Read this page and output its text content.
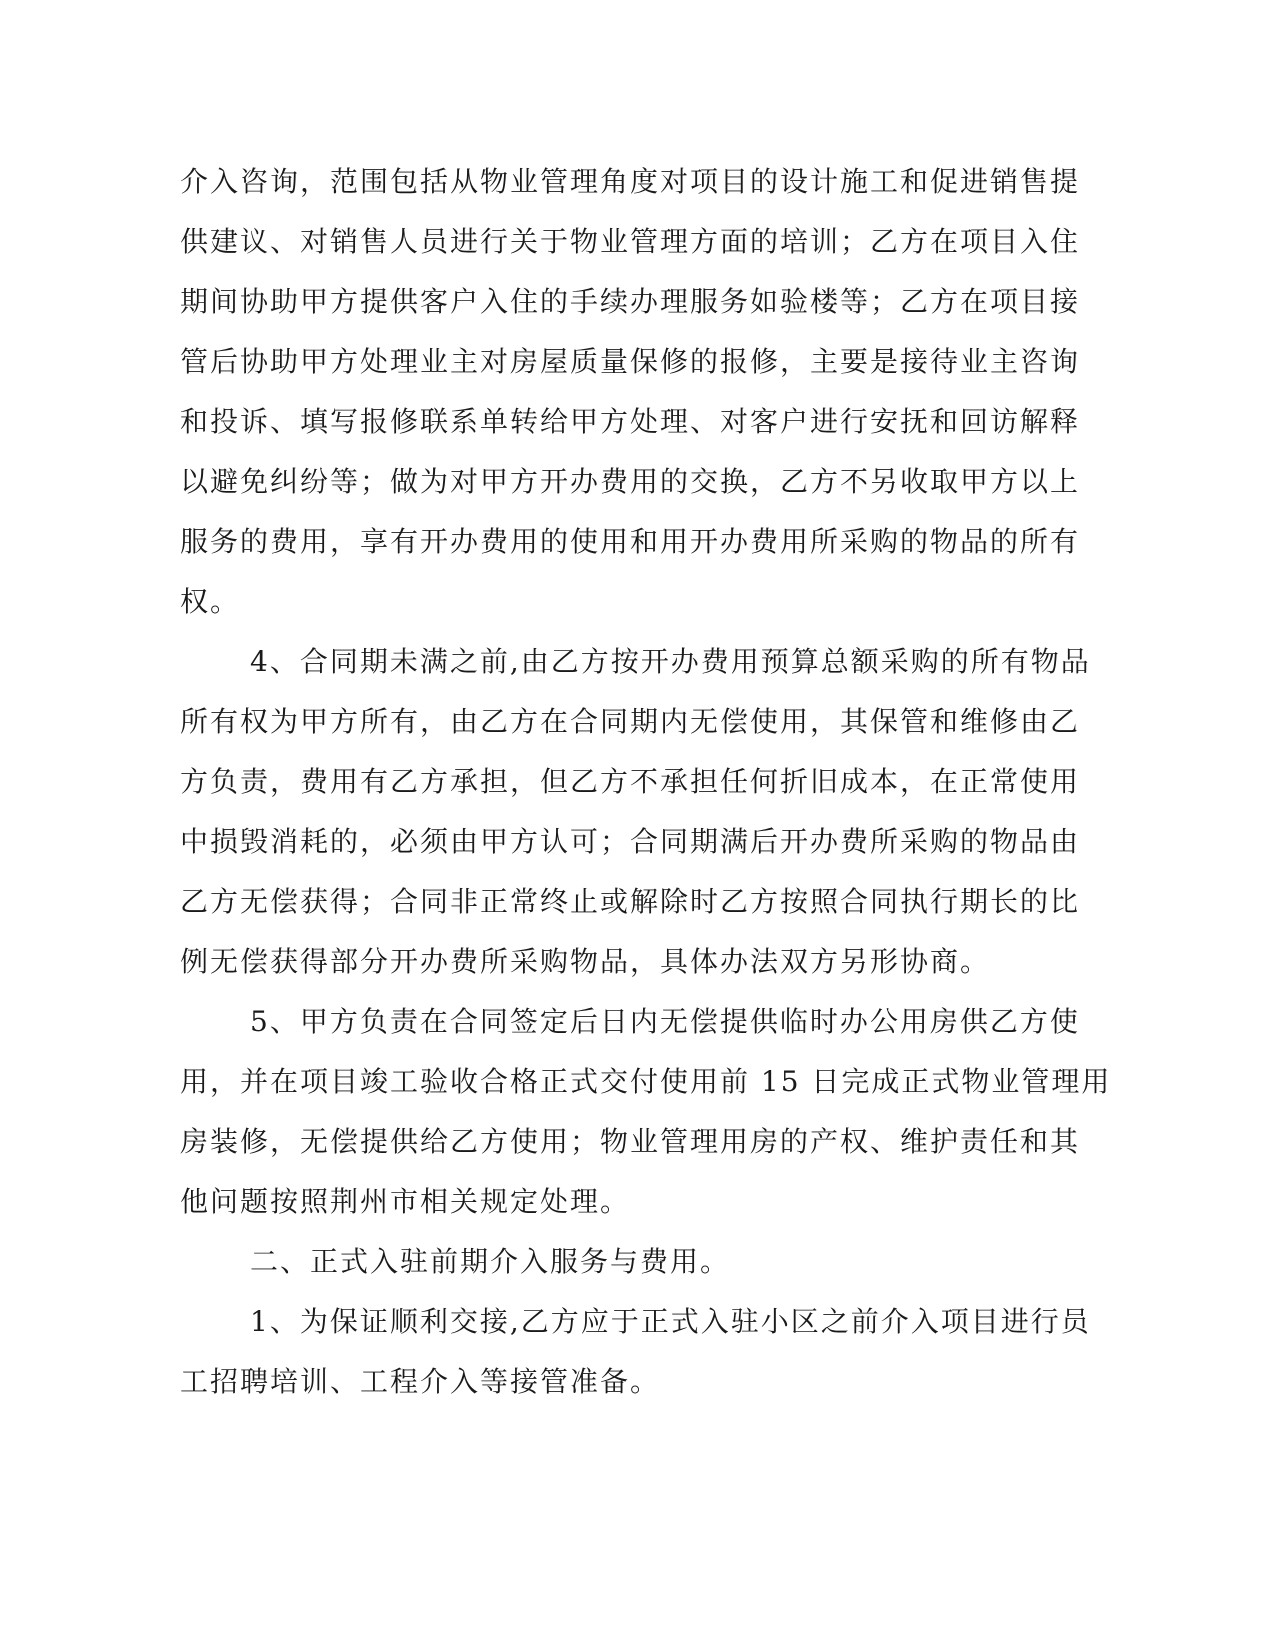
介入咨询，范围包括从物业管理角度对项目的设计施工和促进销售提
供建议、对销售人员进行关于物业管理方面的培训；乙方在项目入住
期间协助甲方提供客户入住的手续办理服务如验楼等；乙方在项目接
管后协助甲方处理业主对房屋质量保修的报修，主要是接待业主咨询
和投诉、填写报修联系单转给甲方处理、对客户进行安抚和回访解释
以避免纠纷等；做为对甲方开办费用的交换，乙方不另收取甲方以上
服务的费用，享有开办费用的使用和用开办费用所采购的物品的所有
权。
4、合同期未满之前,由乙方按开办费用预算总额采购的所有物品
所有权为甲方所有，由乙方在合同期内无偿使用，其保管和维修由乙
方负责，费用有乙方承担，但乙方不承担任何折旧成本，在正常使用
中损毁消耗的，必须由甲方认可；合同期满后开办费所采购的物品由
乙方无偿获得；合同非正常终止或解除时乙方按照合同执行期长的比
例无偿获得部分开办费所采购物品，具体办法双方另形协商。
5、甲方负责在合同签定后日内无偿提供临时办公用房供乙方使
用，并在项目竣工验收合格正式交付使用前 15 日完成正式物业管理用
房装修，无偿提供给乙方使用；物业管理用房的产权、维护责任和其
他问题按照荆州市相关规定处理。
二、正式入驻前期介入服务与费用。
1、为保证顺利交接,乙方应于正式入驻小区之前介入项目进行员
工招聘培训、工程介入等接管准备。
